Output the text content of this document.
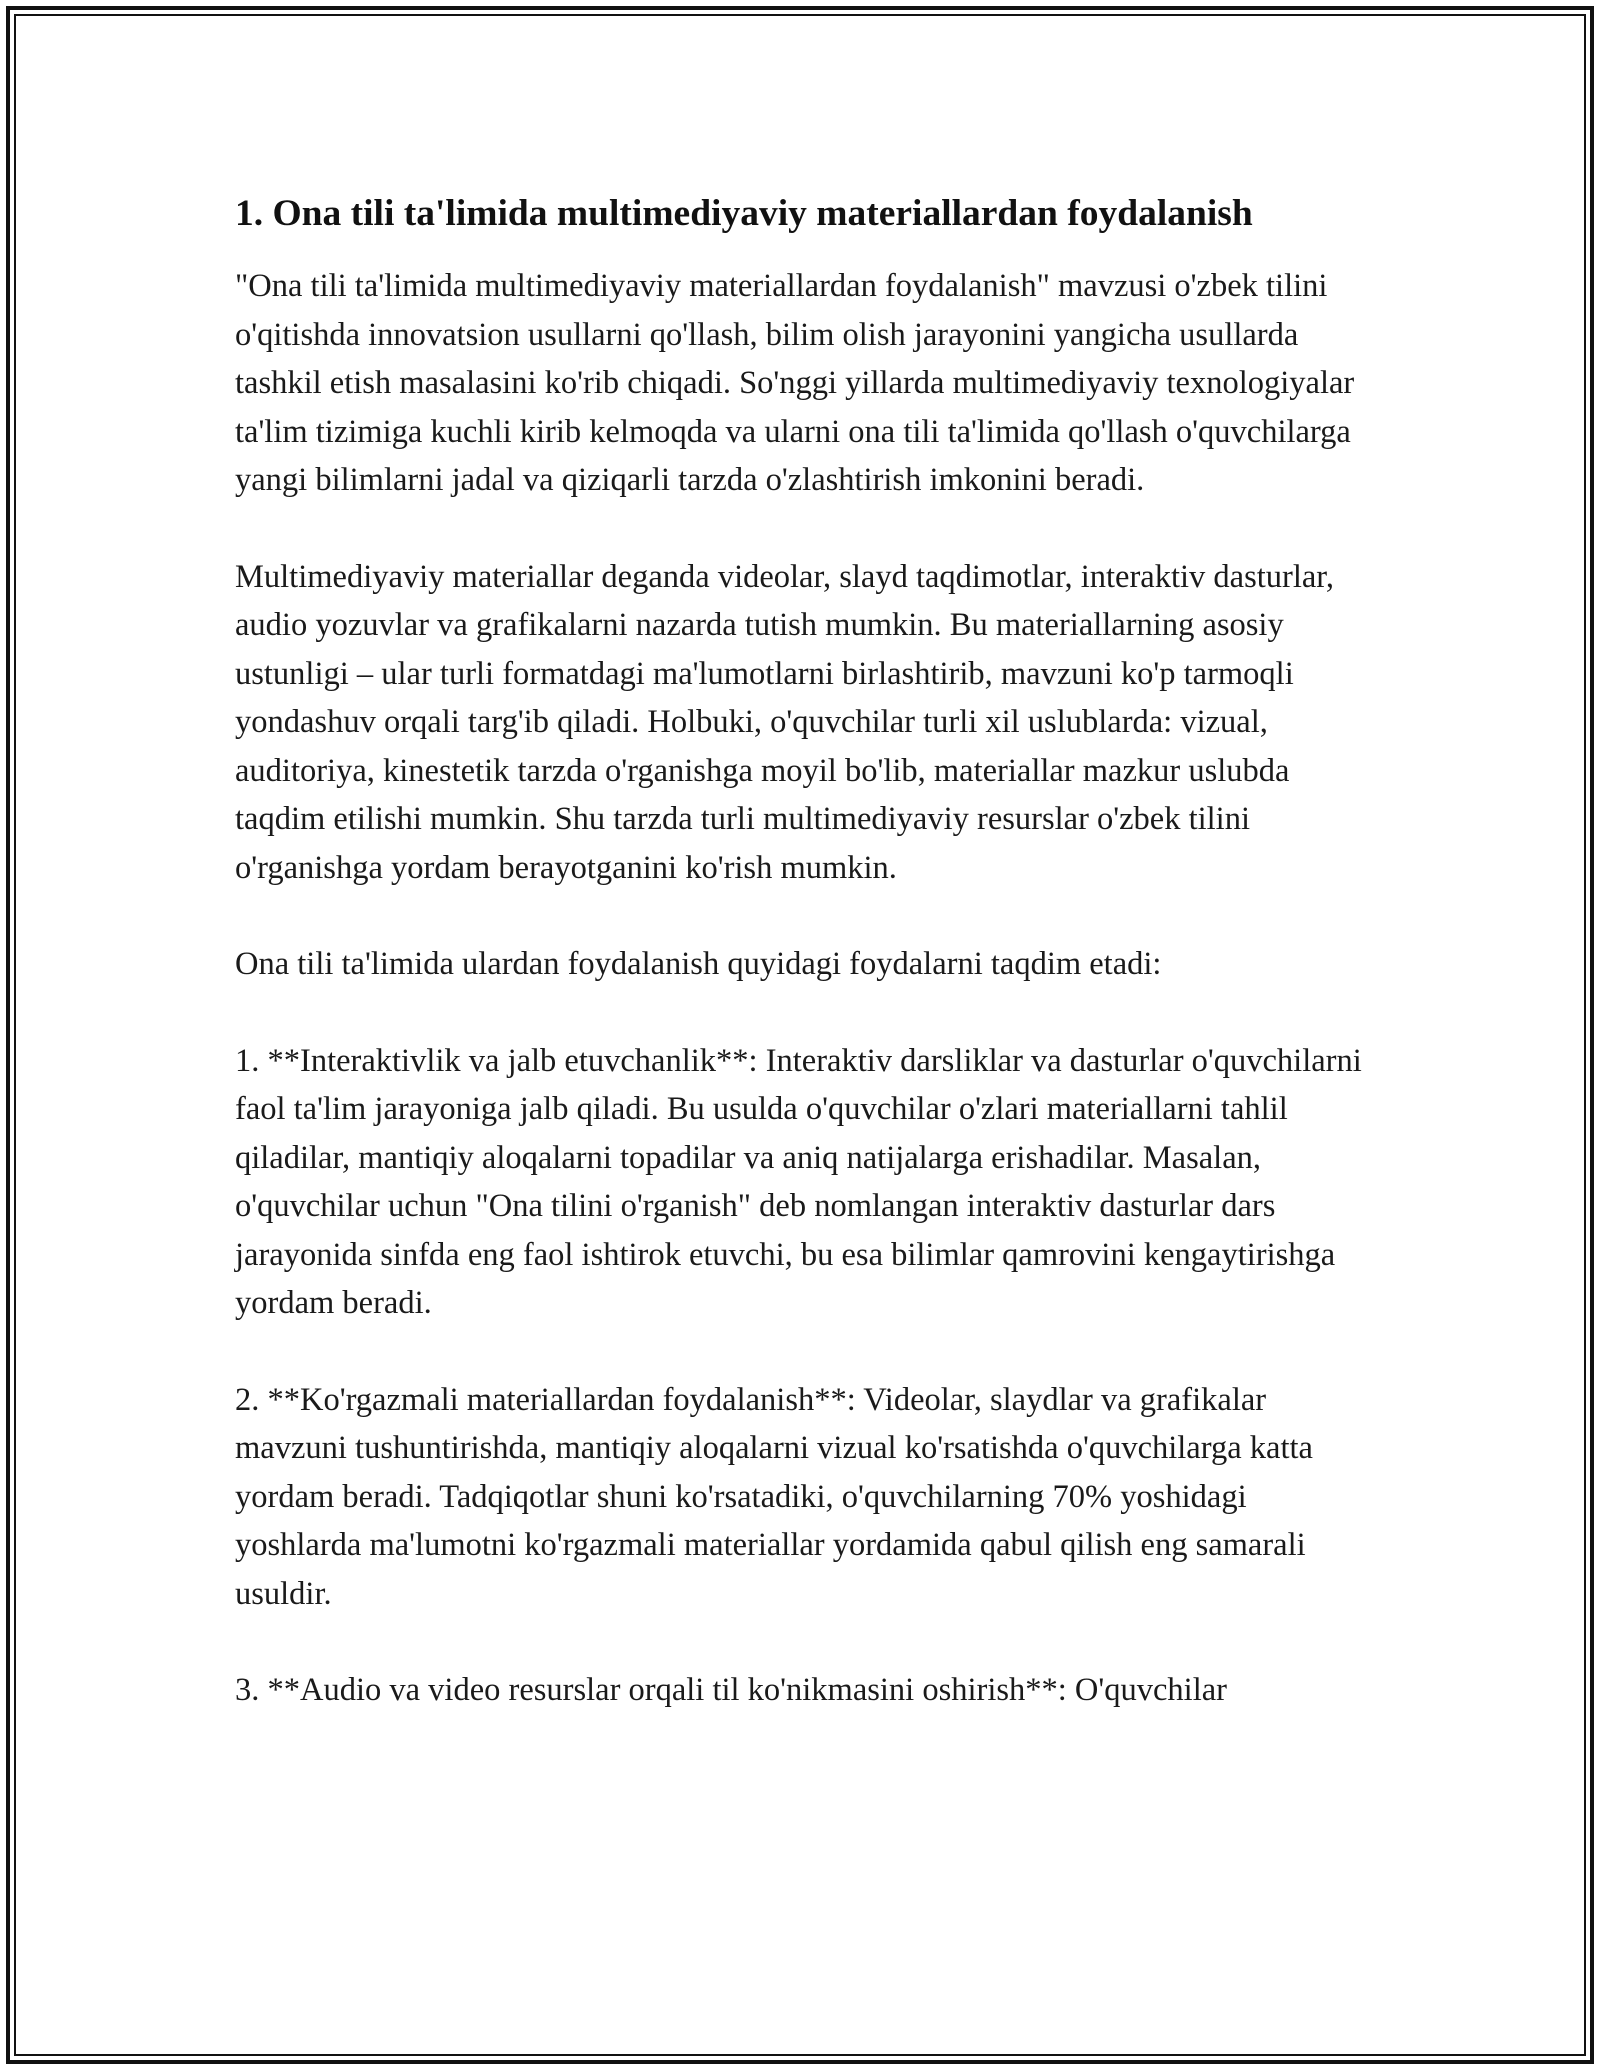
1. Ona tili ta'limida multimediyaviy materiallardan foydalanish

"Ona tili ta'limida multimediyaviy materiallardan foydalanish" mavzusi o'zbek tilini o'qitishda innovatsion usullarni qo'llash, bilim olish jarayonini yangicha usullarda tashkil etish masalasini ko'rib chiqadi. So'nggi yillarda multimediyaviy texnologiyalar ta'lim tizimiga kuchli kirib kelmoqda va ularni ona tili ta'limida qo'llash o'quvchilarga yangi bilimlarni jadal va qiziqarli tarzda o'zlashtirish imkonini beradi.

Multimediyaviy materiallar deganda videolar, slayd taqdimotlar, interaktiv dasturlar, audio yozuvlar va grafikalarni nazarda tutish mumkin. Bu materiallarning asosiy ustunligi – ular turli formatdagi ma'lumotlarni birlashtirib, mavzuni ko'p tarmoqli yondashuv orqali targ'ib qiladi. Holbuki, o'quvchilar turli xil uslublarda: vizual, auditoriya, kinestetik tarzda o'rganishga moyil bo'lib, materiallar mazkur uslubda taqdim etilishi mumkin. Shu tarzda turli multimediyaviy resurslar o'zbek tilini o'rganishga yordam berayotganini ko'rish mumkin.

Ona tili ta'limida ulardan foydalanish quyidagi foydalarni taqdim etadi:

1. **Interaktivlik va jalb etuvchanlik**: Interaktiv darsliklar va dasturlar o'quvchilarni faol ta'lim jarayoniga jalb qiladi. Bu usulda o'quvchilar o'zlari materiallarni tahlil qiladilar, mantiqiy aloqalarni topadilar va aniq natijalarga erishadilar. Masalan, o'quvchilar uchun "Ona tilini o'rganish" deb nomlangan interaktiv dasturlar dars jarayonida sinfda eng faol ishtirok etuvchi, bu esa bilimlar qamrovini kengaytirishga yordam beradi.

2. **Ko'rgazmali materiallardan foydalanish**: Videolar, slaydlar va grafikalar mavzuni tushuntirishda, mantiqiy aloqalarni vizual ko'rsatishda o'quvchilarga katta yordam beradi. Tadqiqotlar shuni ko'rsatadiki, o'quvchilarning 70% yoshidagi yoshlarda ma'lumotni ko'rgazmali materiallar yordamida qabul qilish eng samarali usuldir.

3. **Audio va video resurslar orqali til ko'nikmasini oshirish**: O'quvchilar
